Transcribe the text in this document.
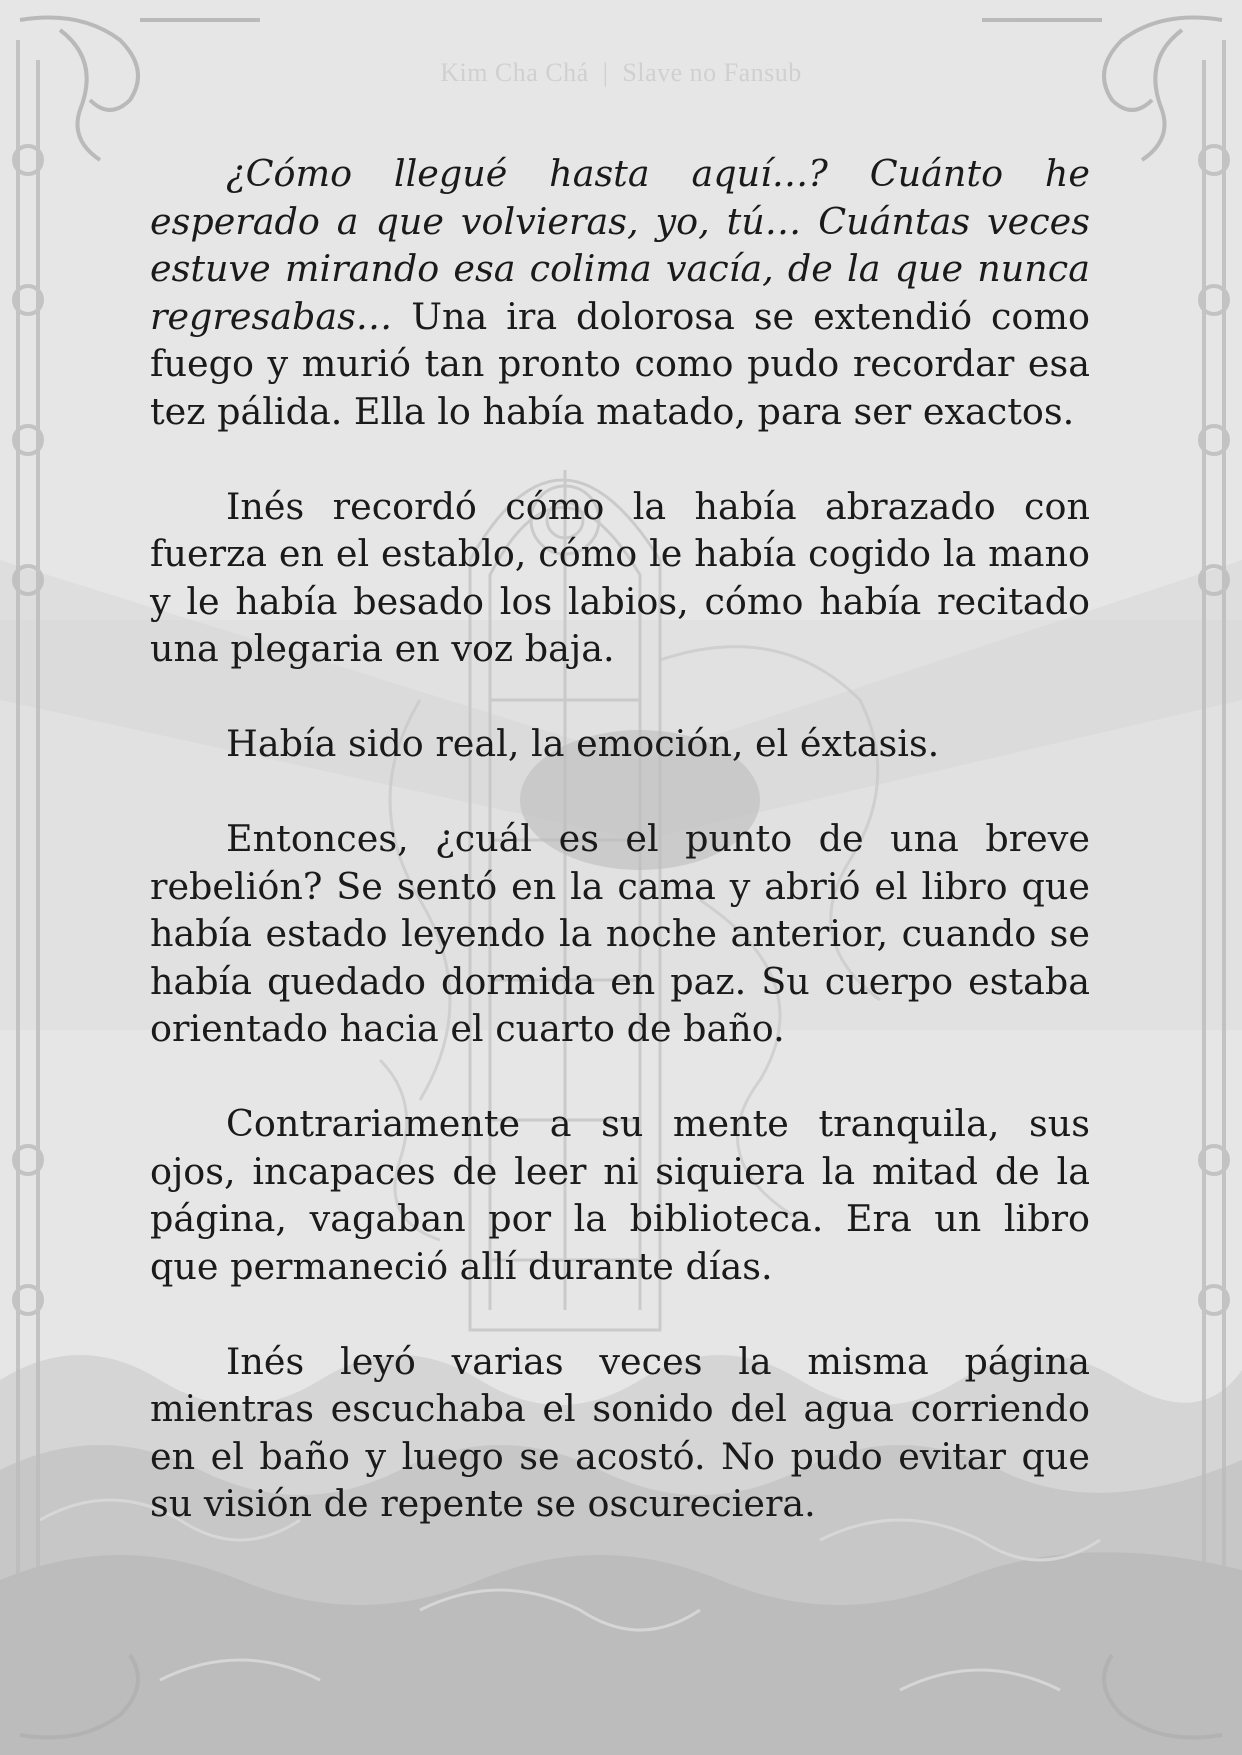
Kim Cha Chá | Slave no Fansub

¿Cómo llegué hasta aquí…? Cuánto he esperado a que volvieras, yo, tú… Cuántas veces estuve mirando esa colima vacía, de la que nunca regresabas… Una ira dolorosa se extendió como fuego y murió tan pronto como pudo recordar esa tez pálida. Ella lo había matado, para ser exactos.

Inés recordó cómo la había abrazado con fuerza en el establo, cómo le había cogido la mano y le había besado los labios, cómo había recitado una plegaria en voz baja.

Había sido real, la emoción, el éxtasis.

Entonces, ¿cuál es el punto de una breve rebelión? Se sentó en la cama y abrió el libro que había estado leyendo la noche anterior, cuando se había quedado dormida en paz. Su cuerpo estaba orientado hacia el cuarto de baño.

Contrariamente a su mente tranquila, sus ojos, incapaces de leer ni siquiera la mitad de la página, vagaban por la biblioteca. Era un libro que permaneció allí durante días.

Inés leyó varias veces la misma página mientras escuchaba el sonido del agua corriendo en el baño y luego se acostó. No pudo evitar que su visión de repente se oscureciera.
